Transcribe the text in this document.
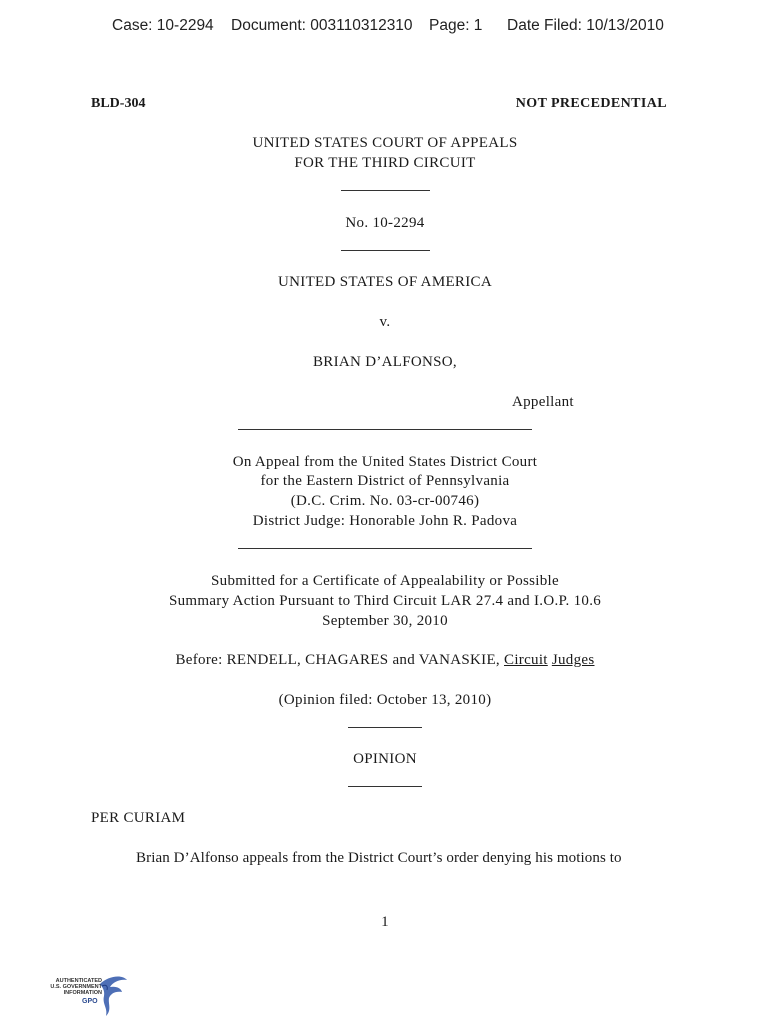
Case: 10-2294 Document: 003110312310 Page: 1 Date Filed: 10/13/2010
BLD-304	NOT PRECEDENTIAL
UNITED STATES COURT OF APPEALS
FOR THE THIRD CIRCUIT
No. 10-2294
UNITED STATES OF AMERICA
v.
BRIAN D’ALFONSO,
Appellant
On Appeal from the United States District Court
for the Eastern District of Pennsylvania
(D.C. Crim. No. 03-cr-00746)
District Judge: Honorable John R. Padova
Submitted for a Certificate of Appealability or Possible
Summary Action Pursuant to Third Circuit LAR 27.4 and I.O.P. 10.6
September 30, 2010
Before: RENDELL, CHAGARES and VANASKIE, Circuit Judges
(Opinion filed: October 13, 2010)
OPINION
PER CURIAM
Brian D’Alfonso appeals from the District Court’s order denying his motions to
1
AUTHENTICATED
U.S. GOVERNMENT
INFORMATION
GPO
